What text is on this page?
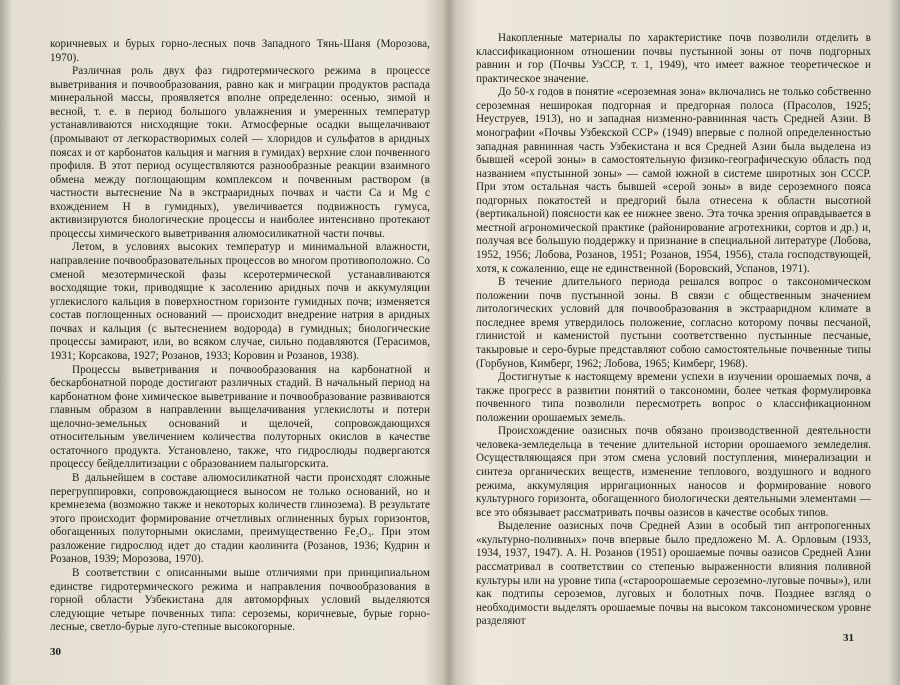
коричневых и бурых горно-лесных почв Западного Тянь-Шаня (Морозова, 1970).

Различная роль двух фаз гидротермического режима в процессе выветривания и почвообразования, равно как и миграции продуктов распада минеральной массы, проявляется вполне определенно: осенью, зимой и весной, т. е. в период большого увлажнения и умеренных температур устанавливаются нисходящие токи. Атмосферные осадки выщелачивают (промывают от легкорастворимых солей — хлоридов и сульфатов в аридных поясах и от карбонатов кальция и магния в гумидах) верхние слои почвенного профиля. В этот период осуществляются разнообразные реакции взаимного обмена между поглощающим комплексом и почвенным раствором (в частности вытеснение Na в экстрааридных почвах и части Ca и Mg с вхождением H в гумидных), увеличивается подвижность гумуса, активизируются биологические процессы и наиболее интенсивно протекают процессы химического выветривания алюмосиликатной части почвы.

Летом, в условиях высоких температур и минимальной влажности, направление почвообразовательных процессов во многом противоположно. Со сменой мезотермической фазы ксеротермической устанавливаются восходящие токи, приводящие к засолению аридных почв и аккумуляции углекислого кальция в поверхностном горизонте гумидных почв; изменяется состав поглощенных оснований — происходит внедрение натрия в аридных почвах и кальция (с вытеснением водорода) в гумидных; биологические процессы замирают, или, во всяком случае, сильно подавляются (Герасимов, 1931; Корсакова, 1927; Розанов, 1933; Коровин и Розанов, 1938).

Процессы выветривания и почвообразования на карбонатной и бескарбонатной породе достигают различных стадий. В начальный период на карбонатном фоне химическое выветривание и почвообразование развиваются главным образом в направлении выщелачивания углекислоты и потери щелочно-земельных оснований и щелочей, сопровождающихся относительным увеличением количества полуторных окислов в качестве остаточного продукта. Установлено, также, что гидрослюды подвергаются процессу бейделлитизации с образованием палыгорскита.

В дальнейшем в составе алюмосиликатной части происходят сложные перегруппировки, сопровождающиеся выносом не только оснований, но и кремнезема (возможно также и некоторых количеств глинозема). В результате этого происходит формирование отчетливых оглиненных бурых горизонтов, обогащенных полуторными окислами, преимущественно Fe₂O₃. При этом разложение гидрослюд идет до стадии каолинита (Розанов, 1936; Кудрин и Розанов, 1939; Морозова, 1970).

В соответствии с описанными выше отличиями при принципиальном единстве гидротермического режима и направления почвообразования в горной области Узбекистана для автоморфных условий выделяются следующие четыре почвенных типа: сероземы, коричневые, бурые горно-лесные, светло-бурые луго-степные высокогорные.

30

Накопленные материалы по характеристике почв позволили отделить в классификационном отношении почвы пустынной зоны от почв подгорных равнин и гор (Почвы УзССР, т. 1, 1949), что имеет важное теоретическое и практическое значение.

До 50-х годов в понятие «сероземная зона» включались не только собственно сероземная неширокая подгорная и предгорная полоса (Прасолов, 1925; Неуструев, 1913), но и западная низменно-равнинная часть Средней Азии. В монографии «Почвы Узбекской ССР» (1949) впервые с полной определенностью западная равнинная часть Узбекистана и вся Средней Азии была выделена из бывшей «серой зоны» в самостоятельную физико-географическую область под названием «пустынной зоны» — самой южной в системе широтных зон СССР. При этом остальная часть бывшей «серой зоны» в виде сероземного пояса подгорных покатостей и предгорий была отнесена к области высотной (вертикальной) поясности как ее нижнее звено. Эта точка зрения оправдывается в местной агрономической практике (районирование агротехники, сортов и др.) и, получая все большую поддержку и признание в специальной литературе (Лобова, 1952, 1956; Лобова, Розанов, 1951; Розанов, 1954, 1956), стала господствующей, хотя, к сожалению, еще не единственной (Боровский, Успанов, 1971).

В течение длительного периода решался вопрос о таксономическом положении почв пустынной зоны. В связи с общественным значением литологических условий для почвообразования в экстрааридном климате в последнее время утвердилось положение, согласно которому почвы песчаной, глинистой и каменистой пустыни соответственно пустынные песчаные, такыровые и серо-бурые представляют собою самостоятельные почвенные типы (Горбунов, Кимберг, 1962; Лобова, 1965; Кимберг, 1968).

Достигнутые к настоящему времени успехи в изучении орошаемых почв, а также прогресс в развитии понятий о таксономии, более четкая формулировка почвенного типа позволили пересмотреть вопрос о классификационном положении орошаемых земель.

Происхождение оазисных почв обязано производственной деятельности человека-земледельца в течение длительной истории орошаемого земледелия. Осуществляющаяся при этом смена условий поступления, минерализации и синтеза органических веществ, изменение теплового, воздушного и водного режима, аккумуляция ирригационных наносов и формирование нового культурного горизонта, обогащенного биологически деятельными элементами — все это обязывает рассматривать почвы оазисов в качестве особых типов.

Выделение оазисных почв Средней Азии в особый тип антропогенных «культурно-поливных» почв впервые было предложено М. А. Орловым (1933, 1934, 1937, 1947). А. Н. Розанов (1951) орошаемые почвы оазисов Средней Азии рассматривал в соответствии со степенью выраженности влияния поливной культуры или на уровне типа («староорошаемые сероземно-луговые почвы»), или как подтипы сероземов, луговых и болотных почв. Позднее взгляд о необходимости выделять орошаемые почвы на высоком таксономическом уровне разделяют

31
